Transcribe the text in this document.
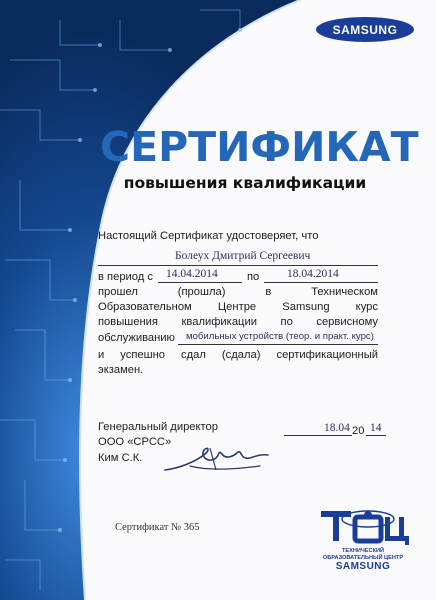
SAMSUNG
СЕРТИФИКАТ
повышения квалификации
Настоящий Сертификат удостоверяет, что
Болеух Дмитрий Сергеевич
в период с 14.04.2014	по 18.04.2014
прошел (прошла) в Техническом
Образовательном Центре Samsung курс
повышения квалификации по сервисному
обслуживанию мобильных устройств (теор. и практ. курс)
и успешно сдал (сдала) сертификационный
экзамен.
Генеральный директор
ООО «СРСС»
Ким С.К.
18.04 20 14
Сертификат № 365
ТЕХНИЧЕСКИЙ
ОБРАЗОВАТЕЛЬНЫЙ ЦЕНТР
SAMSUNG
